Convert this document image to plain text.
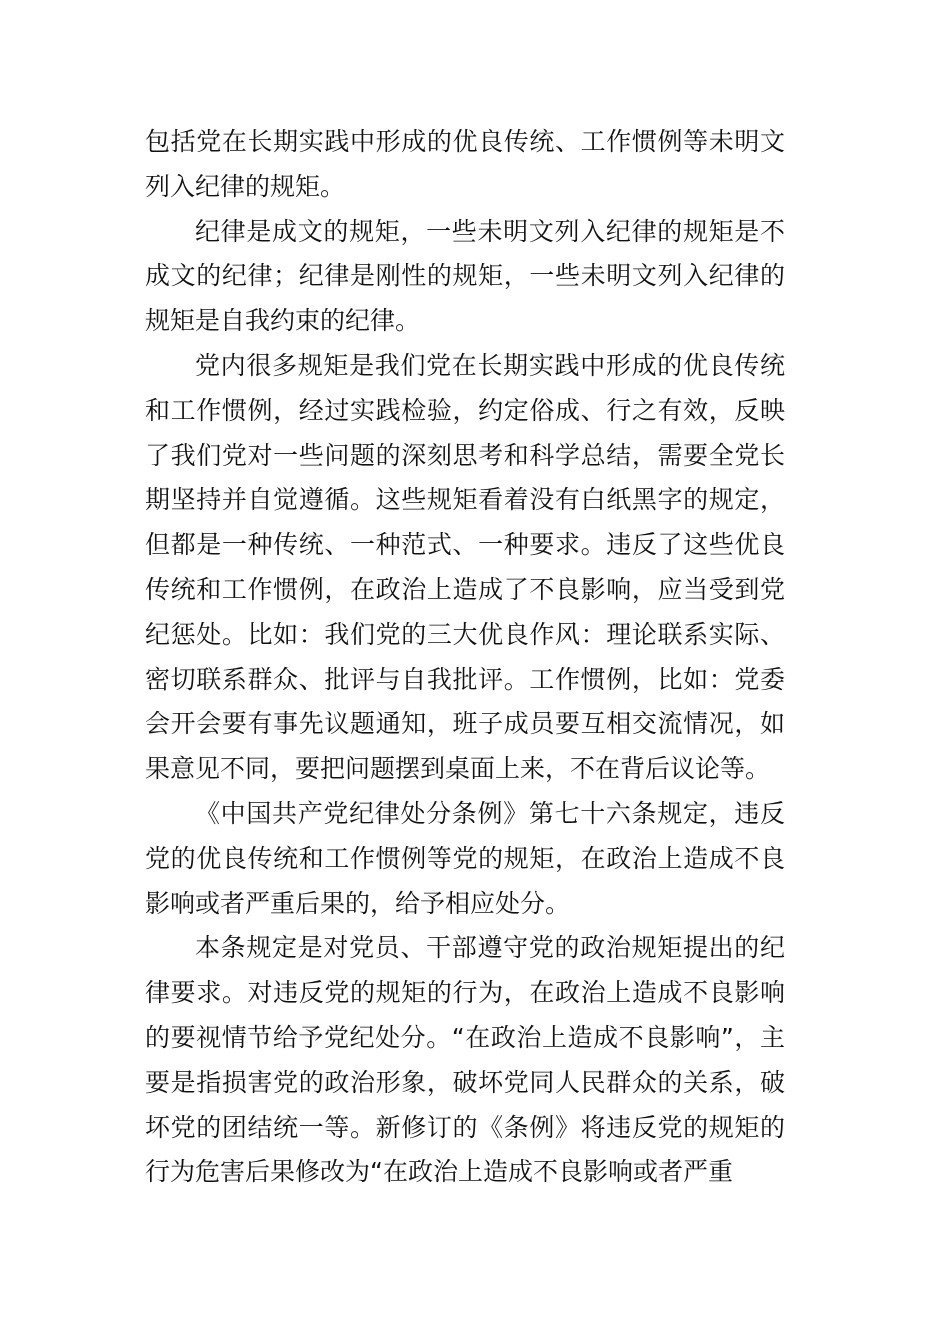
包括党在长期实践中形成的优良传统、工作惯例等未明文列入纪律的规矩。

纪律是成文的规矩，一些未明文列入纪律的规矩是不成文的纪律；纪律是刚性的规矩，一些未明文列入纪律的规矩是自我约束的纪律。

党内很多规矩是我们党在长期实践中形成的优良传统和工作惯例，经过实践检验，约定俗成、行之有效，反映了我们党对一些问题的深刻思考和科学总结，需要全党长期坚持并自觉遵循。这些规矩看着没有白纸黑字的规定，但都是一种传统、一种范式、一种要求。违反了这些优良传统和工作惯例，在政治上造成了不良影响，应当受到党纪惩处。比如：我们党的三大优良作风：理论联系实际、密切联系群众、批评与自我批评。工作惯例，比如：党委会开会要有事先议题通知，班子成员要互相交流情况，如果意见不同，要把问题摆到桌面上来，不在背后议论等。

《中国共产党纪律处分条例》第七十六条规定，违反党的优良传统和工作惯例等党的规矩，在政治上造成不良影响或者严重后果的，给予相应处分。

本条规定是对党员、干部遵守党的政治规矩提出的纪律要求。对违反党的规矩的行为，在政治上造成不良影响的要视情节给予党纪处分。“在政治上造成不良影响”，主要是指损害党的政治形象，破坏党同人民群众的关系，破坏党的团结统一等。新修订的《条例》将违反党的规矩的行为危害后果修改为“在政治上造成不良影响或者严重
